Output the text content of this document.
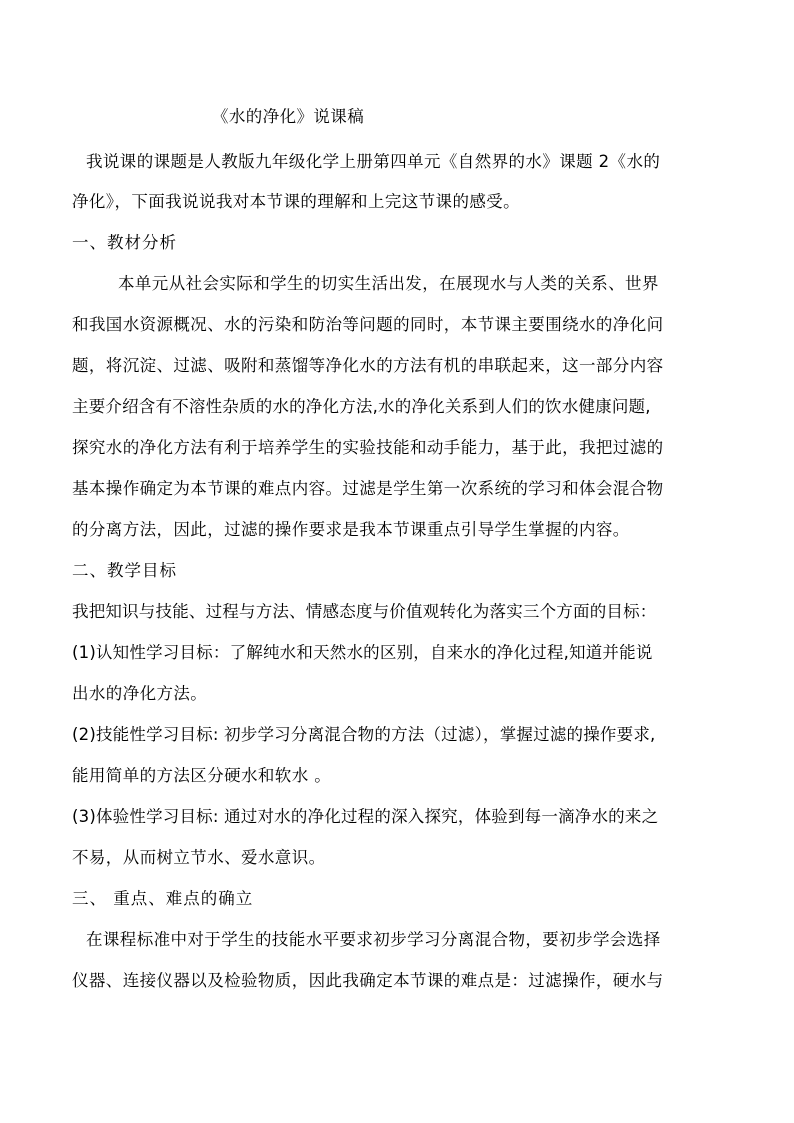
《水的净化》说课稿
我说课的课题是人教版九年级化学上册第四单元《自然界的水》课题 2《水的
净化》，下面我说说我对本节课的理解和上完这节课的感受。
一、教材分析
本单元从社会实际和学生的切实生活出发，在展现水与人类的关系、世界
和我国水资源概况、水的污染和防治等问题的同时，本节课主要围绕水的净化问
题，将沉淀、过滤、吸附和蒸馏等净化水的方法有机的串联起来，这一部分内容
主要介绍含有不溶性杂质的水的净化方法,水的净化关系到人们的饮水健康问题,
探究水的净化方法有利于培养学生的实验技能和动手能力，基于此，我把过滤的
基本操作确定为本节课的难点内容。过滤是学生第一次系统的学习和体会混合物
的分离方法，因此，过滤的操作要求是我本节课重点引导学生掌握的内容。
二、教学目标
我把知识与技能、过程与方法、情感态度与价值观转化为落实三个方面的目标：
(1)认知性学习目标：了解纯水和天然水的区别，自来水的净化过程,知道并能说
出水的净化方法。
(2)技能性学习目标: 初步学习分离混合物的方法（过滤），掌握过滤的操作要求,
能用简单的方法区分硬水和软水 。
(3)体验性学习目标: 通过对水的净化过程的深入探究，体验到每一滴净水的来之
不易，从而树立节水、爱水意识。
三、 重点、难点的确立
在课程标准中对于学生的技能水平要求初步学习分离混合物，要初步学会选择
仪器、连接仪器以及检验物质，因此我确定本节课的难点是：过滤操作，硬水与
